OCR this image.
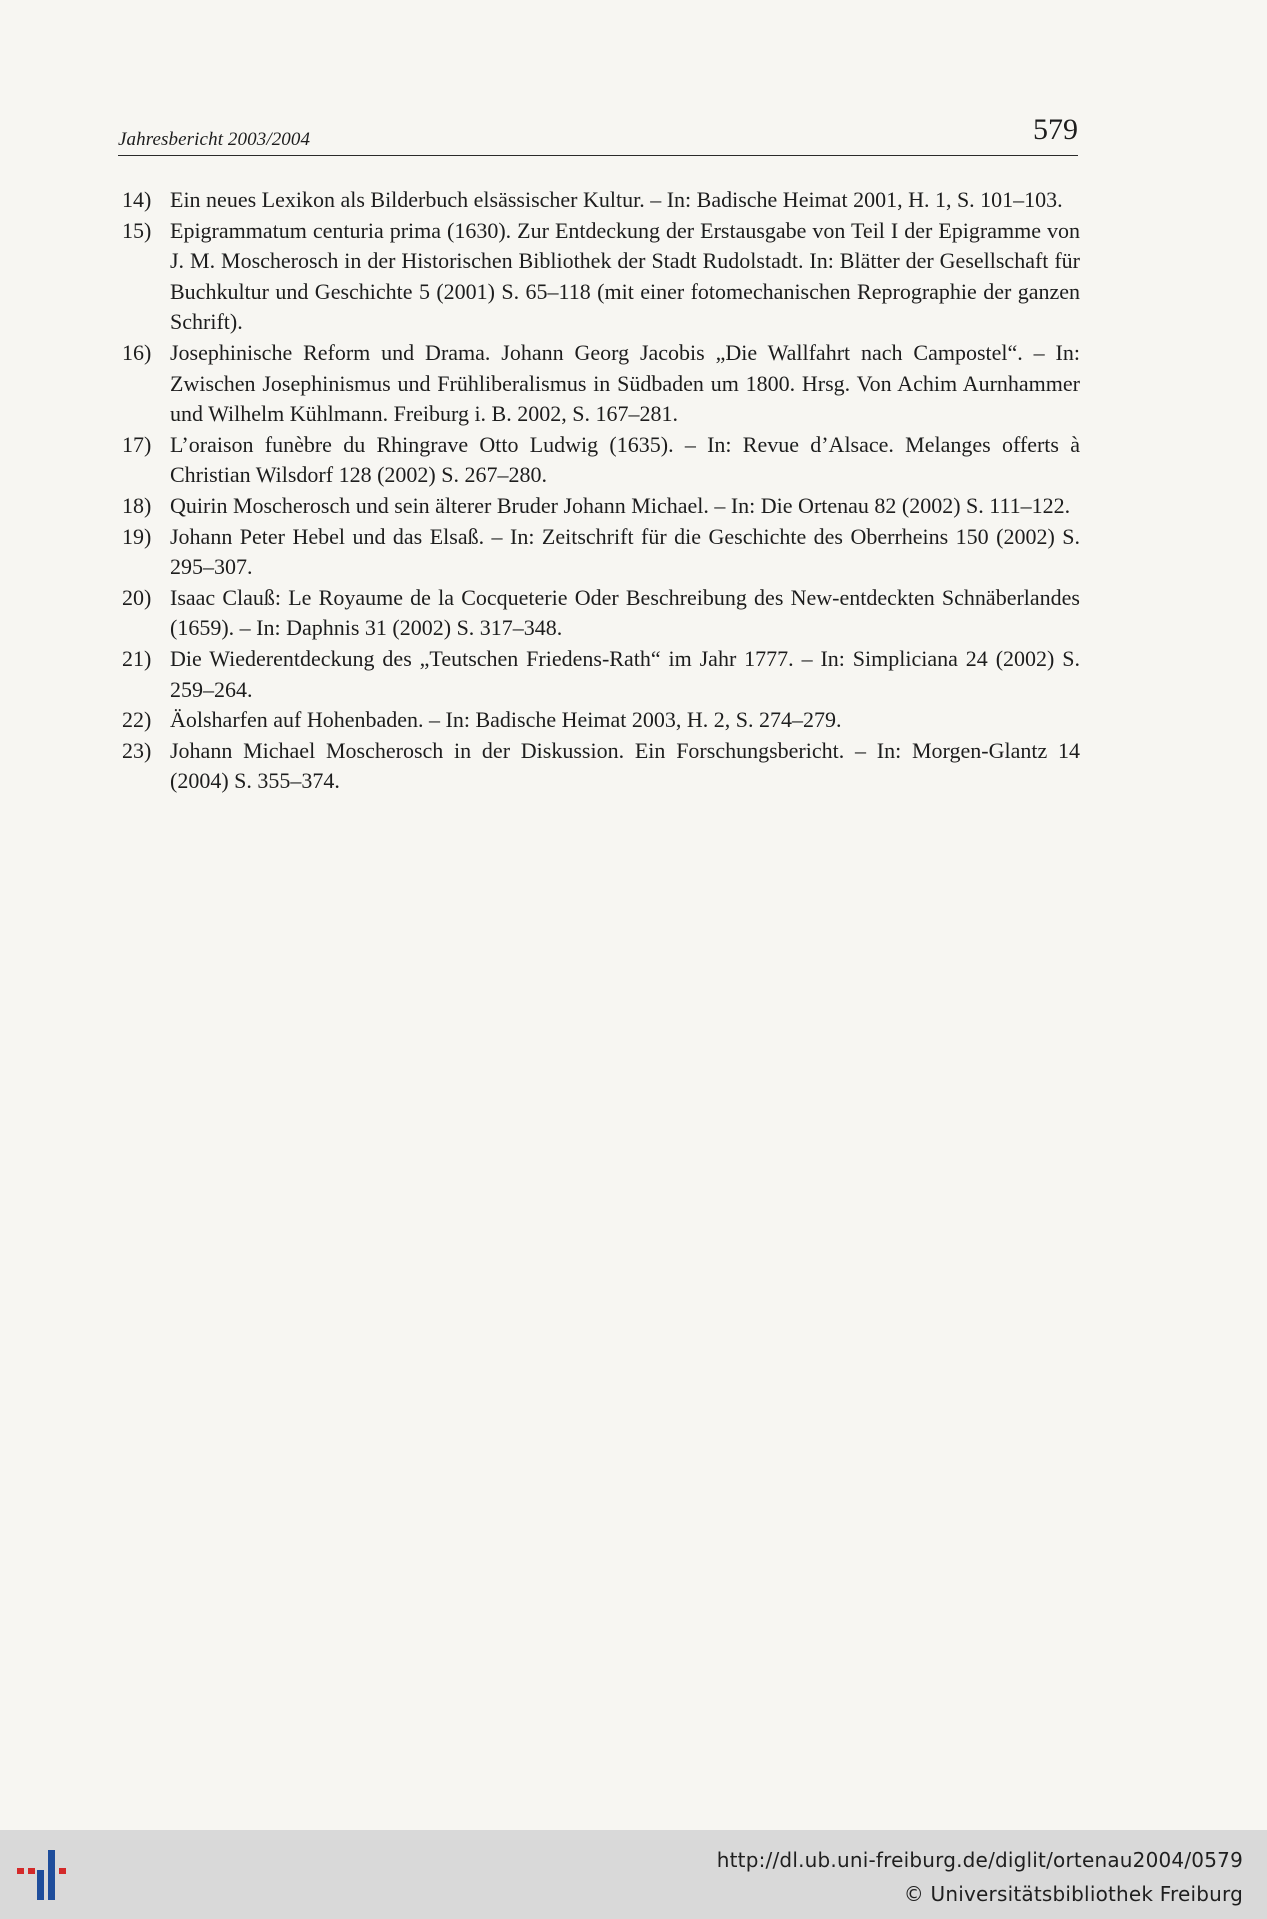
Jahresbericht 2003/2004	579
14) Ein neues Lexikon als Bilderbuch elsässischer Kultur. – In: Badische Heimat 2001, H. 1, S. 101–103.
15) Epigrammatum centuria prima (1630). Zur Entdeckung der Erstausgabe von Teil I der Epigramme von J. M. Moscherosch in der Historischen Bibliothek der Stadt Rudolstadt. In: Blätter der Gesellschaft für Buchkultur und Geschichte 5 (2001) S. 65–118 (mit einer fotomechanischen Reprographie der ganzen Schrift).
16) Josephinische Reform und Drama. Johann Georg Jacobis „Die Wallfahrt nach Campostel“. – In: Zwischen Josephinismus und Frühliberalismus in Südbaden um 1800. Hrsg. Von Achim Aurnhammer und Wilhelm Kühlmann. Freiburg i. B. 2002, S. 167–281.
17) L’oraison funèbre du Rhingrave Otto Ludwig (1635). – In: Revue d’Alsace. Melanges offerts à Christian Wilsdorf 128 (2002) S. 267–280.
18) Quirin Moscherosch und sein älterer Bruder Johann Michael. – In: Die Ortenau 82 (2002) S. 111–122.
19) Johann Peter Hebel und das Elsaß. – In: Zeitschrift für die Geschichte des Oberrheins 150 (2002) S. 295–307.
20) Isaac Clauß: Le Royaume de la Cocqueterie Oder Beschreibung des New-entdeckten Schnäberlandes (1659). – In: Daphnis 31 (2002) S. 317–348.
21) Die Wiederentdeckung des „Teutschen Friedens-Rath“ im Jahr 1777. – In: Simpliciana 24 (2002) S. 259–264.
22) Äolsharfen auf Hohenbaden. – In: Badische Heimat 2003, H. 2, S. 274–279.
23) Johann Michael Moscherosch in der Diskussion. Ein Forschungsbericht. – In: Morgen-Glantz 14 (2004) S. 355–374.
http://dl.ub.uni-freiburg.de/diglit/ortenau2004/0579
© Universitätsbibliothek Freiburg
